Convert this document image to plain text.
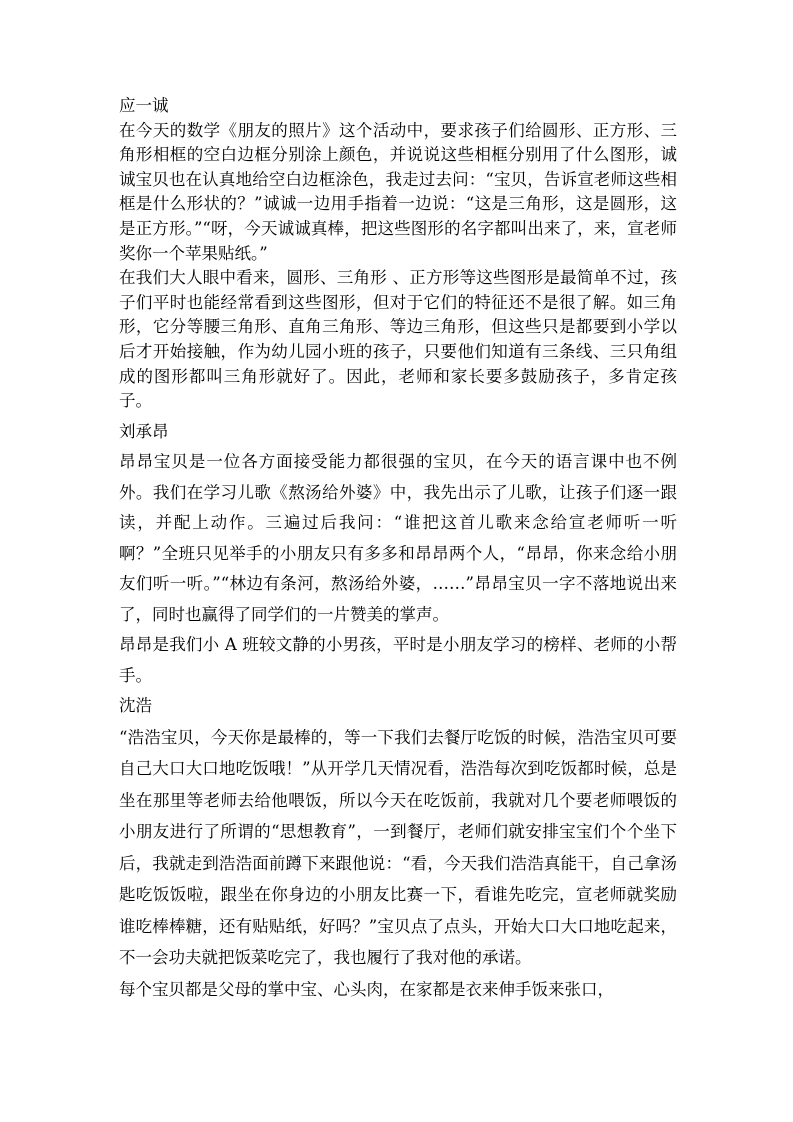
应一诚

在今天的数学《朋友的照片》这个活动中，要求孩子们给圆形、正方形、三角形相框的空白边框分别涂上颜色，并说说这些相框分别用了什么图形，诚诚宝贝也在认真地给空白边框涂色，我走过去问：“宝贝，告诉宣老师这些相框是什么形状的？”诚诚一边用手指着一边说：“这是三角形，这是圆形，这是正方形。”“呀，今天诚诚真棒，把这些图形的名字都叫出来了，来，宣老师奖你一个苹果贴纸。”

在我们大人眼中看来，圆形、三角形 、正方形等这些图形是最简单不过，孩子们平时也能经常看到这些图形，但对于它们的特征还不是很了解。如三角形，它分等腰三角形、直角三角形、等边三角形，但这些只是都要到小学以后才开始接触，作为幼儿园小班的孩子，只要他们知道有三条线、三只角组成的图形都叫三角形就好了。因此，老师和家长要多鼓励孩子，多肯定孩子。

刘承昂

昂昂宝贝是一位各方面接受能力都很强的宝贝，在今天的语言课中也不例外。我们在学习儿歌《熬汤给外婆》中，我先出示了儿歌，让孩子们逐一跟读，并配上动作。三遍过后我问：“谁把这首儿歌来念给宣老师听一听啊？”全班只见举手的小朋友只有多多和昂昂两个人，“昂昂，你来念给小朋友们听一听。”“林边有条河，熬汤给外婆，……”昂昂宝贝一字不落地说出来了，同时也赢得了同学们的一片赞美的掌声。

昂昂是我们小 A 班较文静的小男孩，平时是小朋友学习的榜样、老师的小帮手。

沈浩

“浩浩宝贝，今天你是最棒的，等一下我们去餐厅吃饭的时候，浩浩宝贝可要自己大口大口地吃饭哦！”从开学几天情况看，浩浩每次到吃饭都时候，总是坐在那里等老师去给他喂饭，所以今天在吃饭前，我就对几个要老师喂饭的小朋友进行了所谓的“思想教育”，一到餐厅，老师们就安排宝宝们个个坐下后，我就走到浩浩面前蹲下来跟他说：“看，今天我们浩浩真能干，自己拿汤匙吃饭饭啦，跟坐在你身边的小朋友比赛一下，看谁先吃完，宣老师就奖励谁吃棒棒糖，还有贴贴纸，好吗？”宝贝点了点头，开始大口大口地吃起来，不一会功夫就把饭菜吃完了，我也履行了我对他的承诺。

每个宝贝都是父母的掌中宝、心头肉，在家都是衣来伸手饭来张口，
